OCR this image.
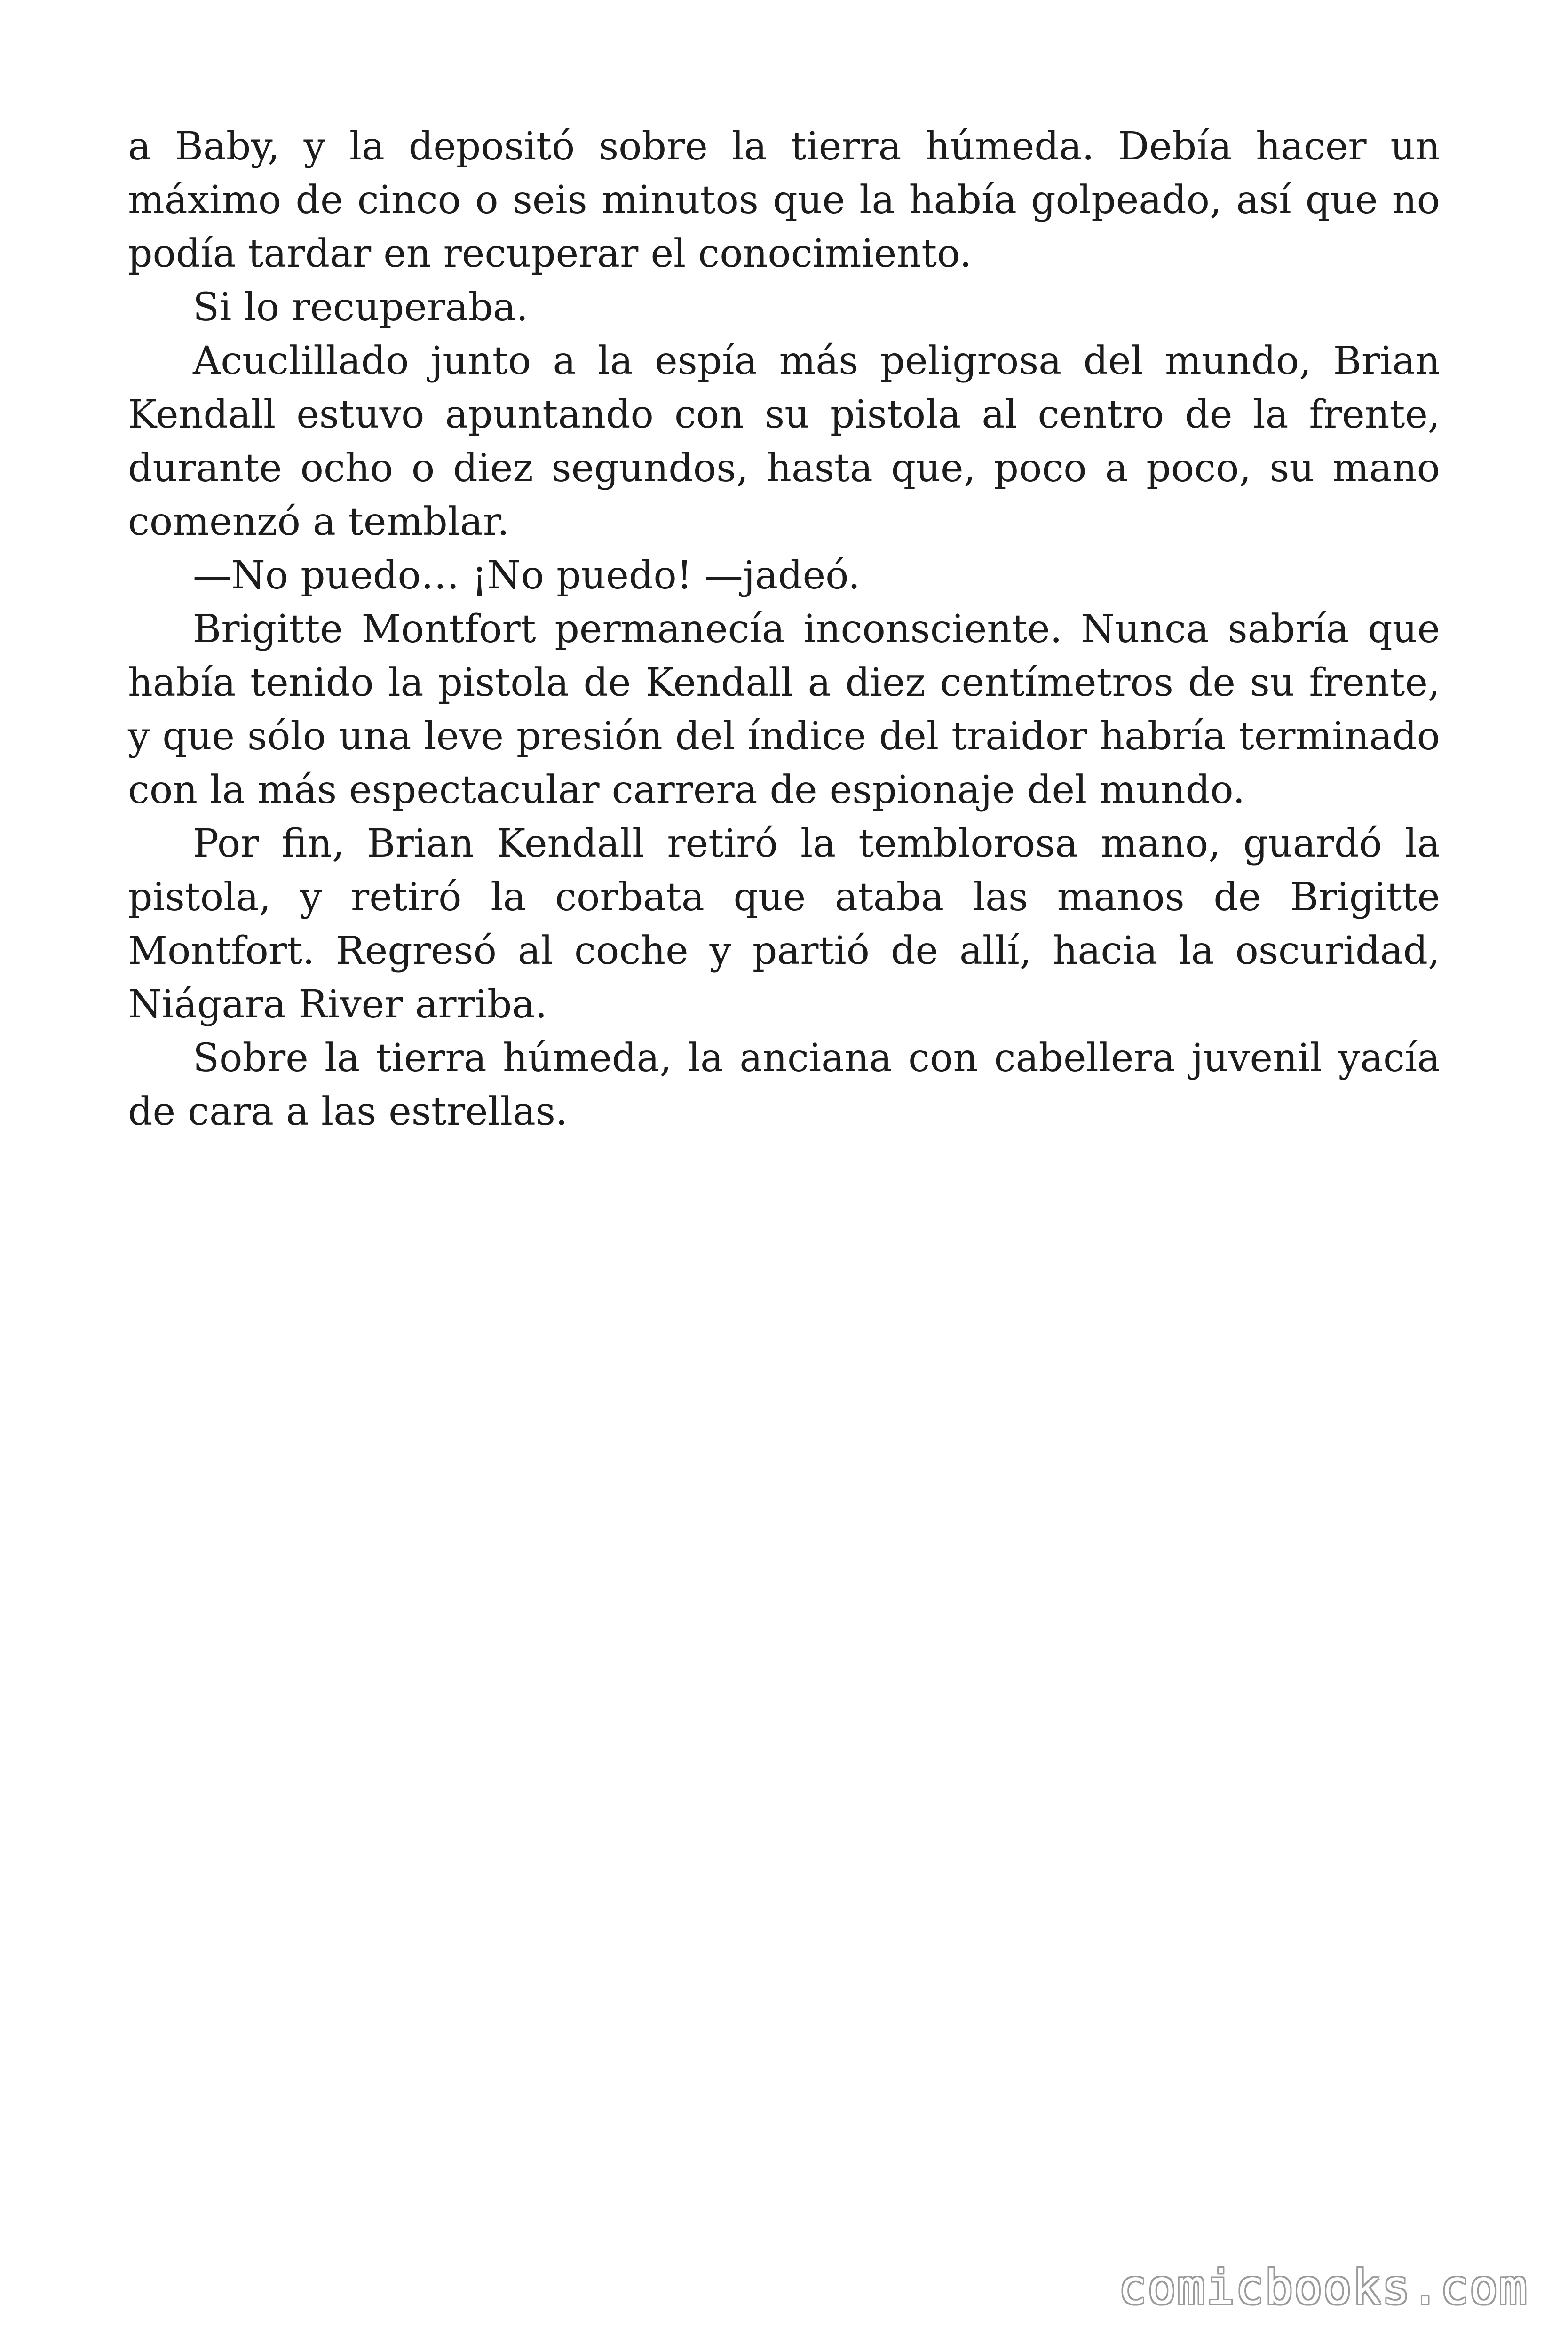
a Baby, y la depositó sobre la tierra húmeda. Debía hacer un máximo de cinco o seis minutos que la había golpeado, así que no podía tardar en recuperar el conocimiento.

Si lo recuperaba.

Acuclillado junto a la espía más peligrosa del mundo, Brian Kendall estuvo apuntando con su pistola al centro de la frente, durante ocho o diez segundos, hasta que, poco a poco, su mano comenzó a temblar.

—No puedo… ¡No puedo! —jadeó.

Brigitte Montfort permanecía inconsciente. Nunca sabría que había tenido la pistola de Kendall a diez centímetros de su frente, y que sólo una leve presión del índice del traidor habría terminado con la más espectacular carrera de espionaje del mundo.

Por fin, Brian Kendall retiró la temblorosa mano, guardó la pistola, y retiró la corbata que ataba las manos de Brigitte Montfort. Regresó al coche y partió de allí, hacia la oscuridad, Niágara River arriba.

Sobre la tierra húmeda, la anciana con cabellera juvenil yacía de cara a las estrellas.

comicbooks.com
